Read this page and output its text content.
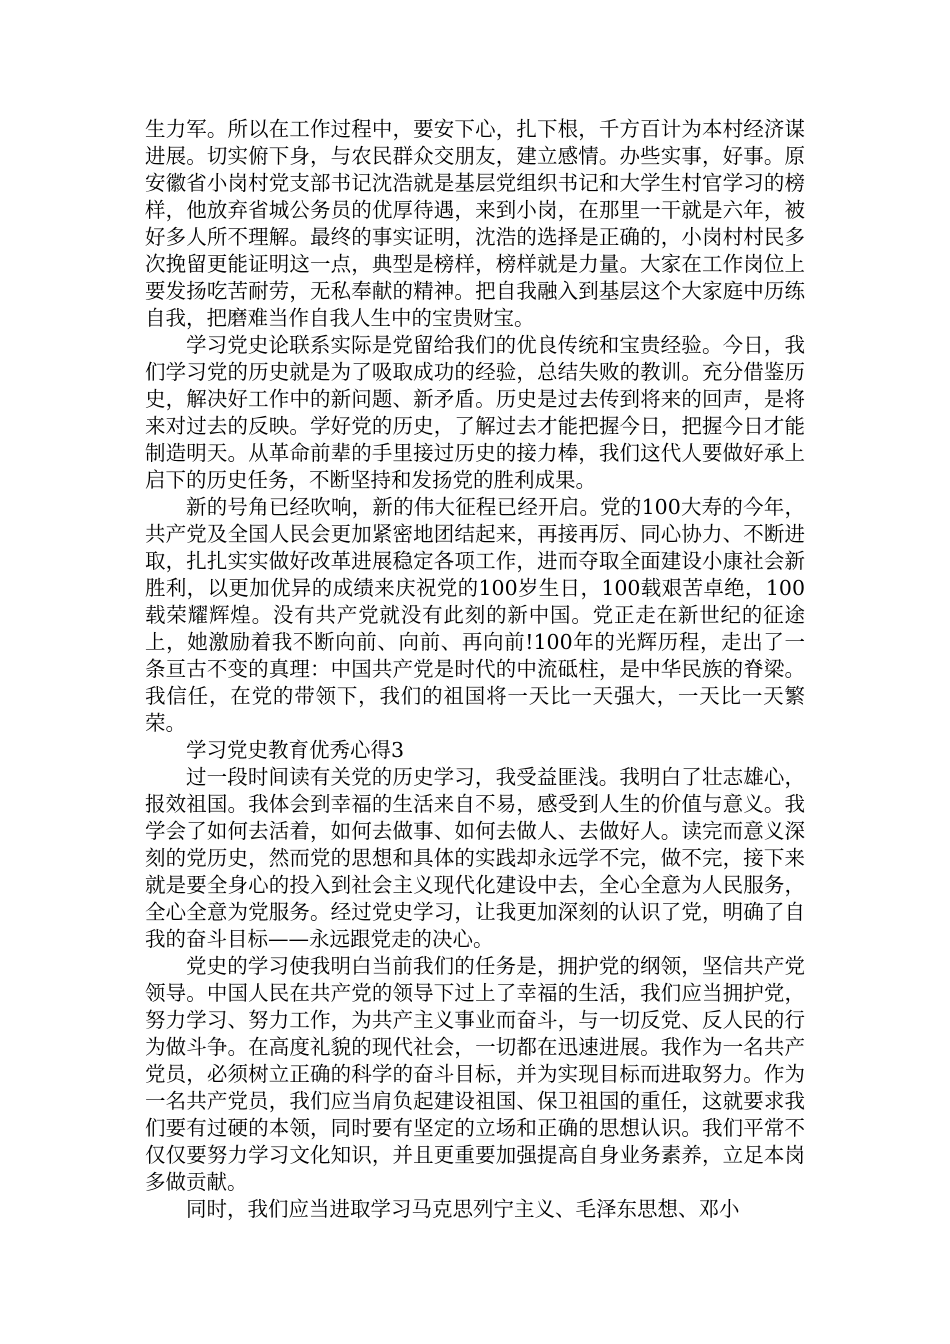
生力军。所以在工作过程中，要安下心，扎下根，千方百计为本村经济谋进展。切实俯下身，与农民群众交朋友，建立感情。办些实事，好事。原安徽省小岗村党支部书记沈浩就是基层党组织书记和大学生村官学习的榜样，他放弃省城公务员的优厚待遇，来到小岗，在那里一干就是六年，被好多人所不理解。最终的事实证明，沈浩的选择是正确的，小岗村村民多次挽留更能证明这一点，典型是榜样，榜样就是力量。大家在工作岗位上要发扬吃苦耐劳，无私奉献的精神。把自我融入到基层这个大家庭中历练自我，把磨难当作自我人生中的宝贵财宝。

学习党史论联系实际是党留给我们的优良传统和宝贵经验。今日，我们学习党的历史就是为了吸取成功的经验，总结失败的教训。充分借鉴历史，解决好工作中的新问题、新矛盾。历史是过去传到将来的回声，是将来对过去的反映。学好党的历史，了解过去才能把握今日，把握今日才能制造明天。从革命前辈的手里接过历史的接力棒，我们这代人要做好承上启下的历史任务，不断坚持和发扬党的胜利成果。

新的号角已经吹响，新的伟大征程已经开启。党的100大寿的今年，共产党及全国人民会更加紧密地团结起来，再接再厉、同心协力、不断进取，扎扎实实做好改革进展稳定各项工作，进而夺取全面建设小康社会新胜利，以更加优异的成绩来庆祝党的100岁生日，100载艰苦卓绝，100载荣耀辉煌。没有共产党就没有此刻的新中国。党正走在新世纪的征途上，她激励着我不断向前、向前、再向前!100年的光辉历程，走出了一条亘古不变的真理：中国共产党是时代的中流砥柱，是中华民族的脊梁。我信任，在党的带领下，我们的祖国将一天比一天强大，一天比一天繁荣。

学习党史教育优秀心得3

过一段时间读有关党的历史学习，我受益匪浅。我明白了壮志雄心，报效祖国。我体会到幸福的生活来自不易，感受到人生的价值与意义。我学会了如何去活着，如何去做事、如何去做人、去做好人。读完而意义深刻的党历史，然而党的思想和具体的实践却永远学不完，做不完，接下来就是要全身心的投入到社会主义现代化建设中去，全心全意为人民服务，全心全意为党服务。经过党史学习，让我更加深刻的认识了党，明确了自我的奋斗目标——永远跟党走的决心。

党史的学习使我明白当前我们的任务是，拥护党的纲领，坚信共产党领导。中国人民在共产党的领导下过上了幸福的生活，我们应当拥护党，努力学习、努力工作，为共产主义事业而奋斗，与一切反党、反人民的行为做斗争。在高度礼貌的现代社会，一切都在迅速进展。我作为一名共产党员，必须树立正确的科学的奋斗目标，并为实现目标而进取努力。作为一名共产党员，我们应当肩负起建设祖国、保卫祖国的重任，这就要求我们要有过硬的本领，同时要有坚定的立场和正确的思想认识。我们平常不仅仅要努力学习文化知识，并且更重要加强提高自身业务素养，立足本岗多做贡献。

同时，我们应当进取学习马克思列宁主义、毛泽东思想、邓小
